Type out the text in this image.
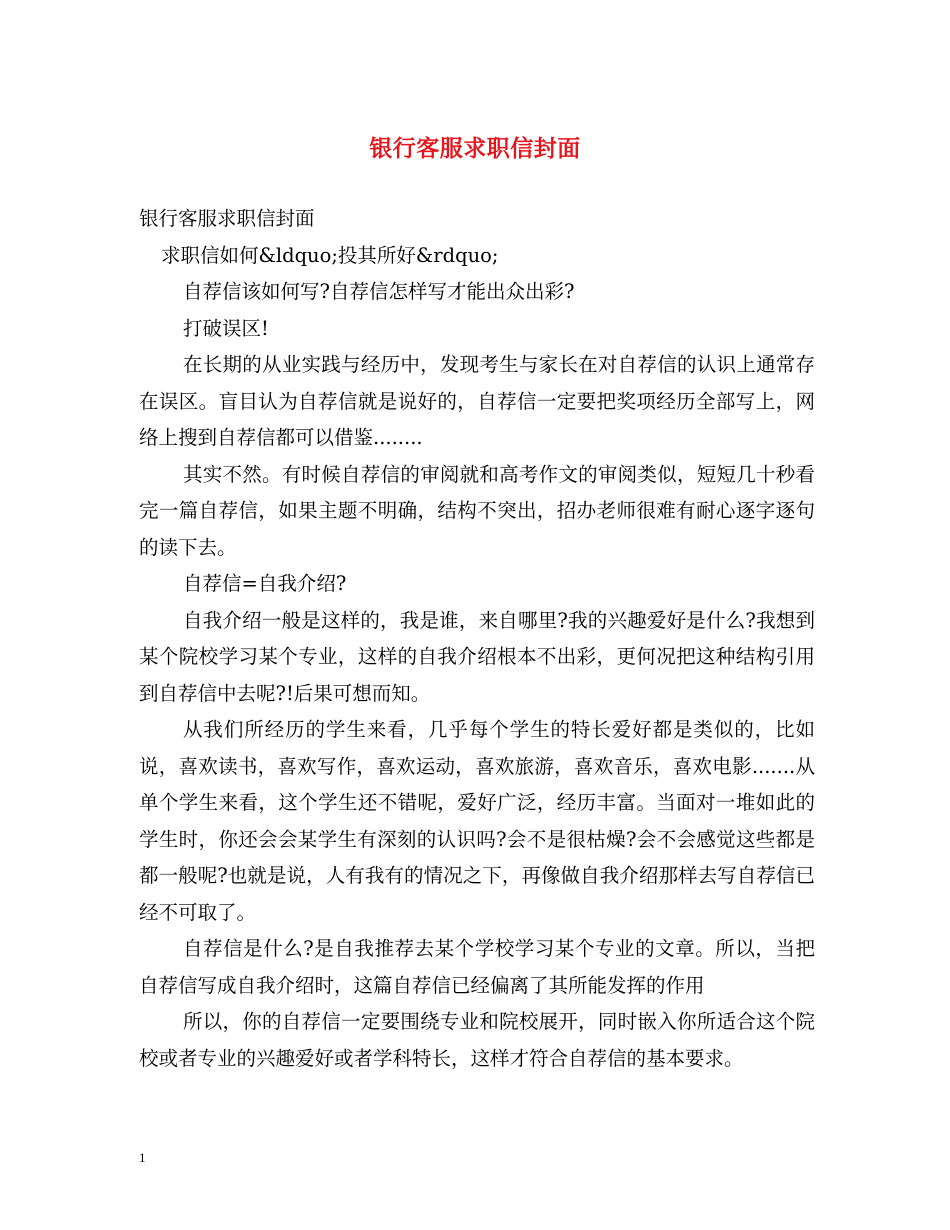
银行客服求职信封面

银行客服求职信封面

求职信如何&ldquo;投其所好&rdquo;

自荐信该如何写?自荐信怎样写才能出众出彩?

打破误区!

在长期的从业实践与经历中，发现考生与家长在对自荐信的认识上通常存在误区。盲目认为自荐信就是说好的，自荐信一定要把奖项经历全部写上，网络上搜到自荐信都可以借鉴........

其实不然。有时候自荐信的审阅就和高考作文的审阅类似，短短几十秒看完一篇自荐信，如果主题不明确，结构不突出，招办老师很难有耐心逐字逐句的读下去。

自荐信=自我介绍?

自我介绍一般是这样的，我是谁，来自哪里?我的兴趣爱好是什么?我想到某个院校学习某个专业，这样的自我介绍根本不出彩，更何况把这种结构引用到自荐信中去呢?!后果可想而知。

从我们所经历的学生来看，几乎每个学生的特长爱好都是类似的，比如说，喜欢读书，喜欢写作，喜欢运动，喜欢旅游，喜欢音乐，喜欢电影.......从单个学生来看，这个学生还不错呢，爱好广泛，经历丰富。当面对一堆如此的学生时，你还会会某学生有深刻的认识吗?会不是很枯燥?会不会感觉这些都是都一般呢?也就是说，人有我有的情况之下，再像做自我介绍那样去写自荐信已经不可取了。

自荐信是什么?是自我推荐去某个学校学习某个专业的文章。所以，当把自荐信写成自我介绍时，这篇自荐信已经偏离了其所能发挥的作用

所以，你的自荐信一定要围绕专业和院校展开，同时嵌入你所适合这个院校或者专业的兴趣爱好或者学科特长，这样才符合自荐信的基本要求。

1
